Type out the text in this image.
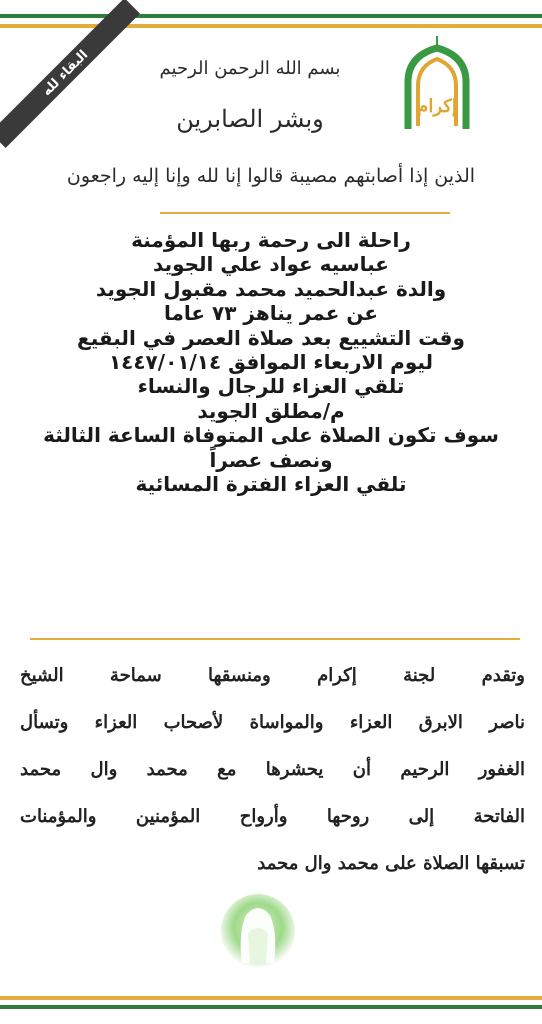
البقاء لله
إكرام
بسم الله الرحمن الرحيم
وبشر الصابرين
الذين إذا أصابتهم مصيبة قالوا إنا لله وإنا إليه راجعون
راحلة الى رحمة ربها المؤمنة
عباسيه عواد علي الجويد
والدة عبدالحميد محمد مقبول الجويد
عن عمر يناهز ٧٣ عاما
وقت التشييع بعد صلاة العصر في البقيع
ليوم الاربعاء الموافق ١٤٤٧/٠١/١٤
تلقي العزاء للرجال والنساء
م/مطلق الجويد
سوف تكون الصلاة على المتوفاة الساعة الثالثة
ونصف عصراً
تلقي العزاء الفترة المسائية
وتقدم لجنة إكرام ومنسقها سماحة الشيخ
ناصر الابرق العزاء والمواساة لأصحاب العزاء وتسأل
الغفور الرحيم أن يحشرها مع محمد وال محمد
الفاتحة إلى روحها وأرواح المؤمنين والمؤمنات
تسبقها الصلاة على محمد وال محمد
